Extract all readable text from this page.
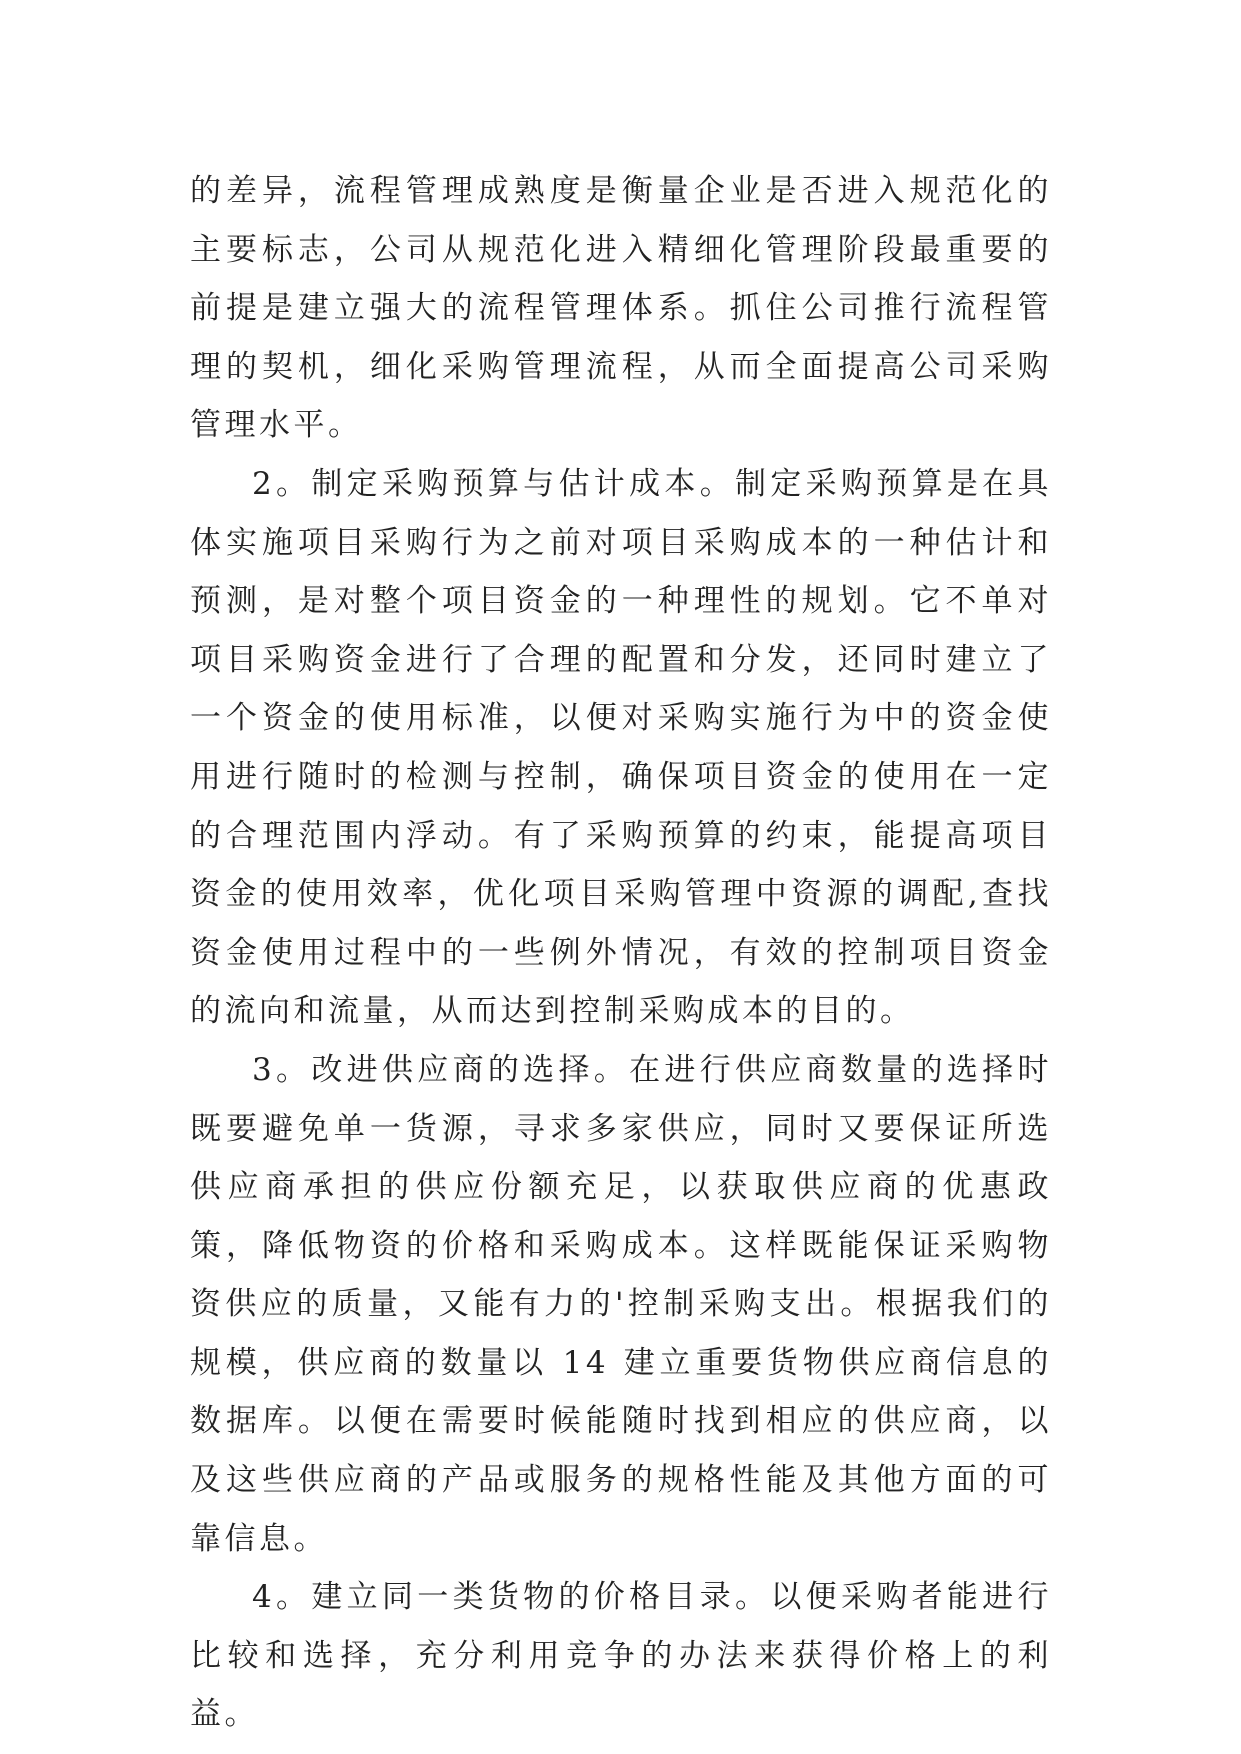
的差异，流程管理成熟度是衡量企业是否进入规范化的主要标志，公司从规范化进入精细化管理阶段最重要的前提是建立强大的流程管理体系。抓住公司推行流程管理的契机，细化采购管理流程，从而全面提高公司采购管理水平。

2。制定采购预算与估计成本。制定采购预算是在具体实施项目采购行为之前对项目采购成本的一种估计和预测，是对整个项目资金的一种理性的规划。它不单对项目采购资金进行了合理的配置和分发，还同时建立了一个资金的使用标准，以便对采购实施行为中的资金使用进行随时的检测与控制，确保项目资金的使用在一定的合理范围内浮动。有了采购预算的约束，能提高项目资金的使用效率，优化项目采购管理中资源的调配,查找资金使用过程中的一些例外情况，有效的控制项目资金的流向和流量，从而达到控制采购成本的目的。

3。改进供应商的选择。在进行供应商数量的选择时既要避免单一货源，寻求多家供应，同时又要保证所选供应商承担的供应份额充足，以获取供应商的优惠政策，降低物资的价格和采购成本。这样既能保证采购物资供应的质量，又能有力的'控制采购支出。根据我们的规模，供应商的数量以 14 建立重要货物供应商信息的数据库。以便在需要时候能随时找到相应的供应商，以及这些供应商的产品或服务的规格性能及其他方面的可靠信息。

4。建立同一类货物的价格目录。以便采购者能进行比较和选择，充分利用竞争的办法来获得价格上的利益。
